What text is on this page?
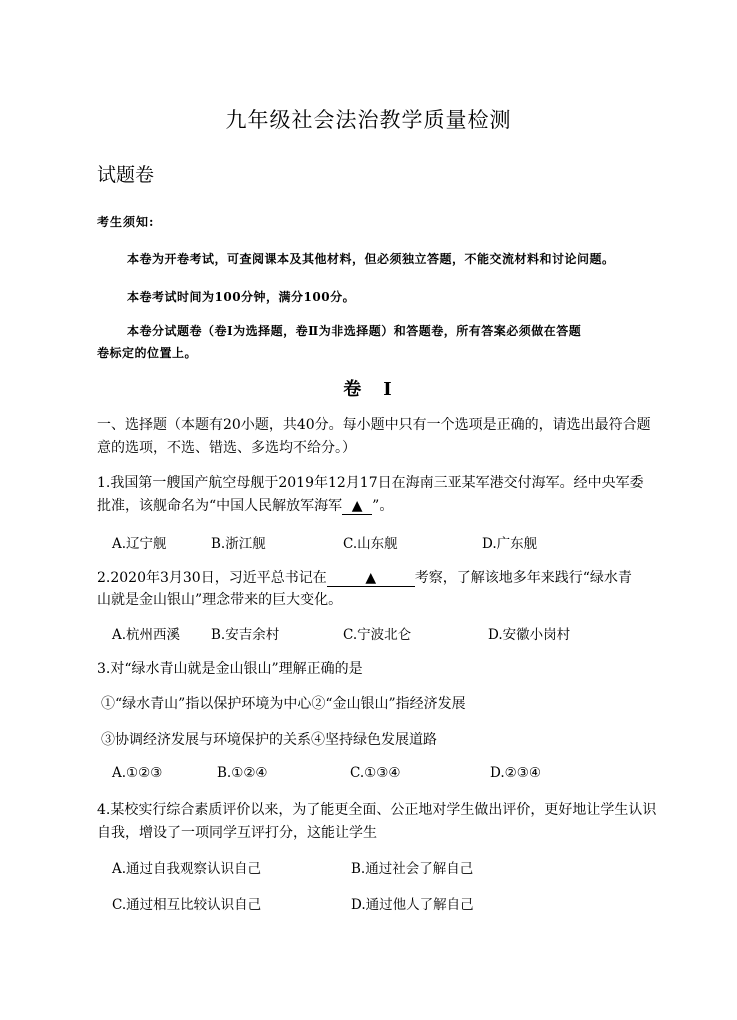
九年级社会法治教学质量检测
试题卷
考生须知:
本卷为开卷考试，可查阅课本及其他材料，但必须独立答题，不能交流材料和讨论问题。
本卷考试时间为100分钟，满分100分。
本卷分试题卷（卷Ⅰ为选择题，卷Ⅱ为非选择题）和答题卷，所有答案必须做在答题
卷标定的位置上。
卷　I
一、选择题（本题有20小题，共40分。每小题中只有一个选项是正确的，请选出最符合题
意的选项，不选、错选、多选均不给分。）
1.我国第一艘国产航空母舰于2019年12月17日在海南三亚某军港交付海军。经中央军委
批准，该舰命名为“中国人民解放军海军 ▲ ”。
A.辽宁舰	B.浙江舰	C.山东舰	D.广东舰
2.2020年3月30日，习近平总书记在	▲	考察，了解该地多年来践行“绿水青
山就是金山银山”理念带来的巨大变化。
A.杭州西溪 B.安吉余村	C.宁波北仑	D.安徽小岗村
3.对“绿水青山就是金山银山”理解正确的是
①“绿水青山”指以保护环境为中心②“金山银山”指经济发展
③协调经济发展与环境保护的关系④坚持绿色发展道路
A.①②③	B.①②④	C.①③④	D.②③④
4.某校实行综合素质评价以来，为了能更全面、公正地对学生做出评价，更好地让学生认识
自我，增设了一项同学互评打分，这能让学生
A.通过自我观察认识自己	B.通过社会了解自己
C.通过相互比较认识自己	D.通过他人了解自己
